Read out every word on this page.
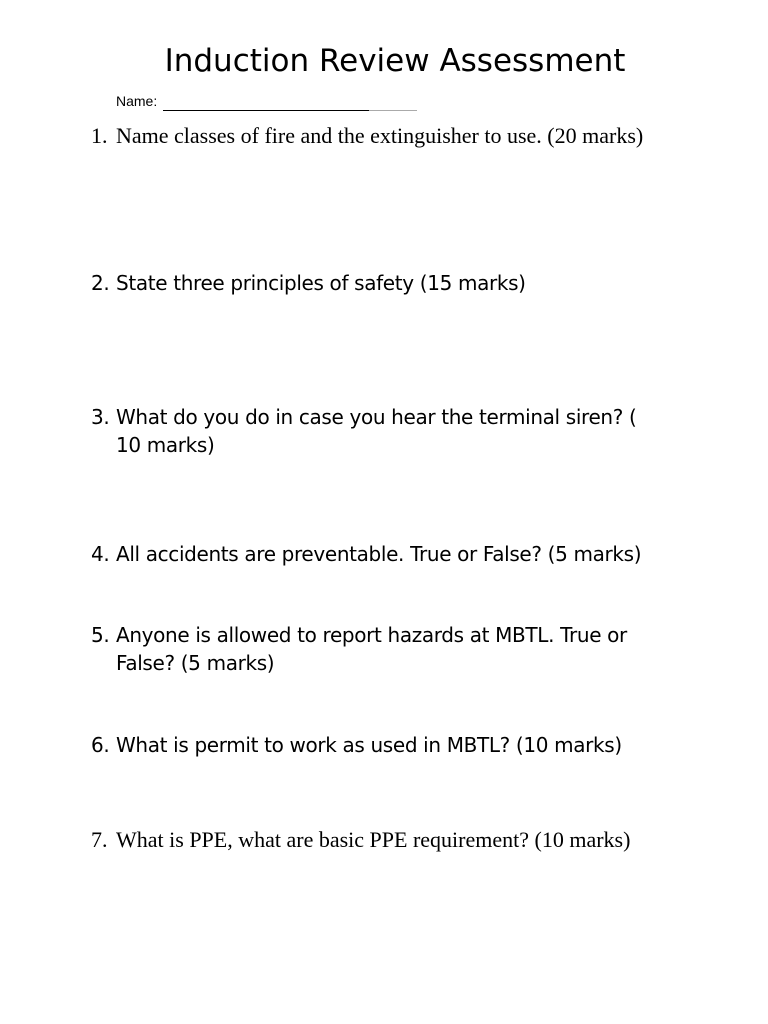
Induction Review Assessment
Name:
1. Name classes of fire and the extinguisher to use. (20 marks)
2. State three principles of safety (15 marks)
3. What do you do in case you hear the terminal siren? ( 10 marks)
4. All accidents are preventable. True or False? (5 marks)
5. Anyone is allowed to report hazards at MBTL. True or False? (5 marks)
6. What is permit to work as used in MBTL? (10 marks)
7. What is PPE, what are basic PPE requirement? (10 marks)
